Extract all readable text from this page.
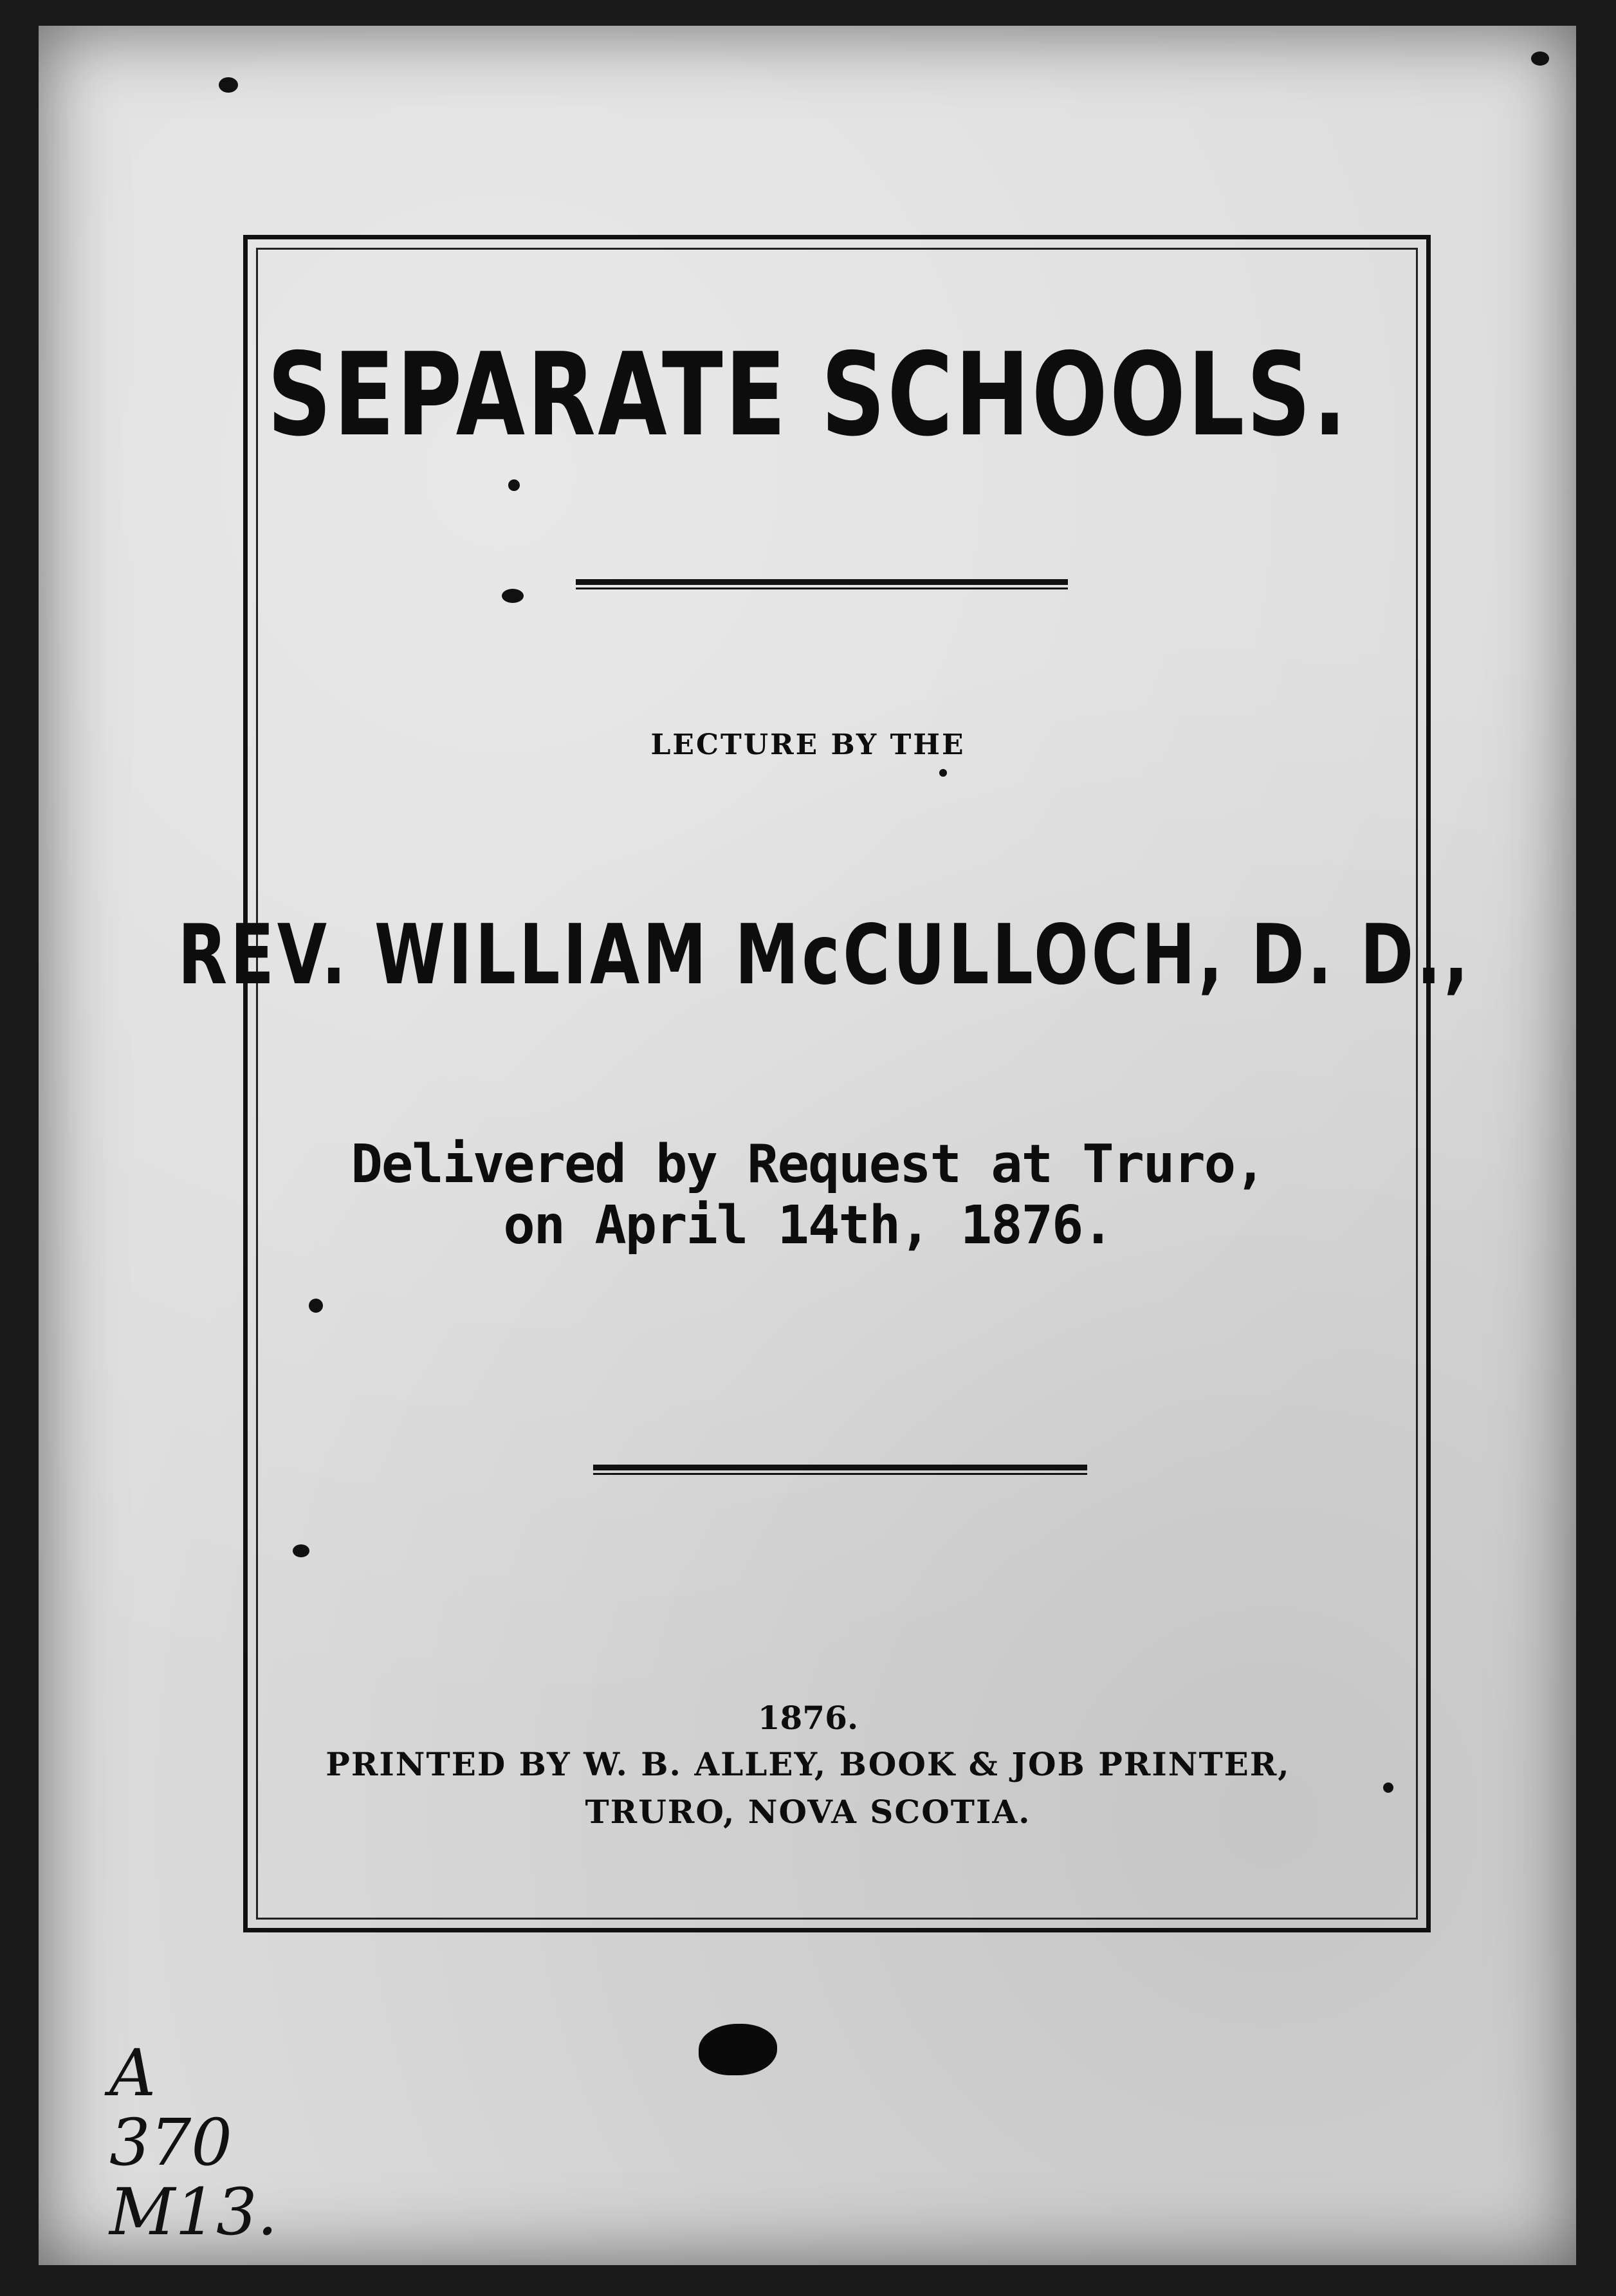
SEPARATE SCHOOLS.
LECTURE BY THE
REV. WILLIAM McCULLOCH, D. D.,
Delivered by Request at Truro,
on April 14th, 1876.
1876.
PRINTED BY W. B. ALLEY, BOOK & JOB PRINTER,
TRURO, NOVA SCOTIA.
A
370
M13.
